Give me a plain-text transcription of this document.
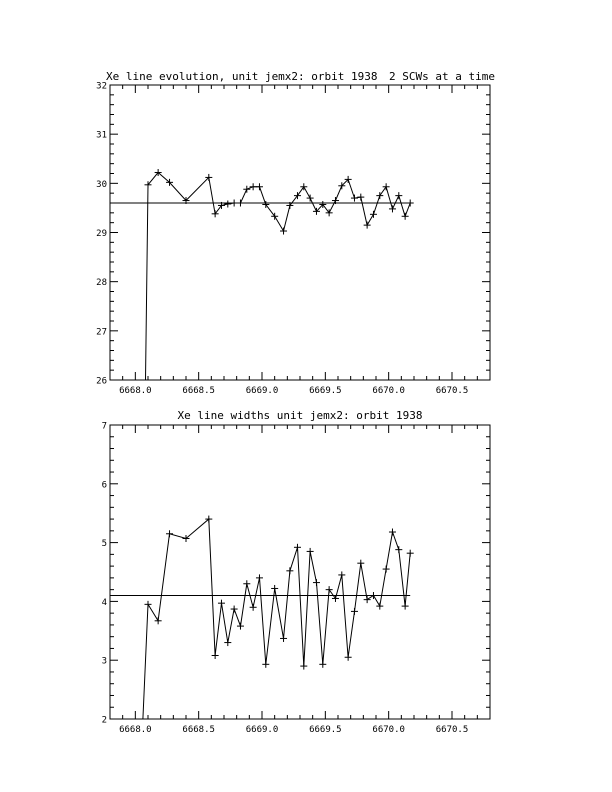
Xe line evolution, unit jemx2: orbit 1938 2 SCWs at a time
6668.0	6668.5	6669.0	6669.5	6670.0	6670.5
26
27
28
29
30
31
32
Xe line widths unit jemx2: orbit 1938
6668.0	6668.5	6669.0	6669.5	6670.0	6670.5
2
3
4
5
6
7
